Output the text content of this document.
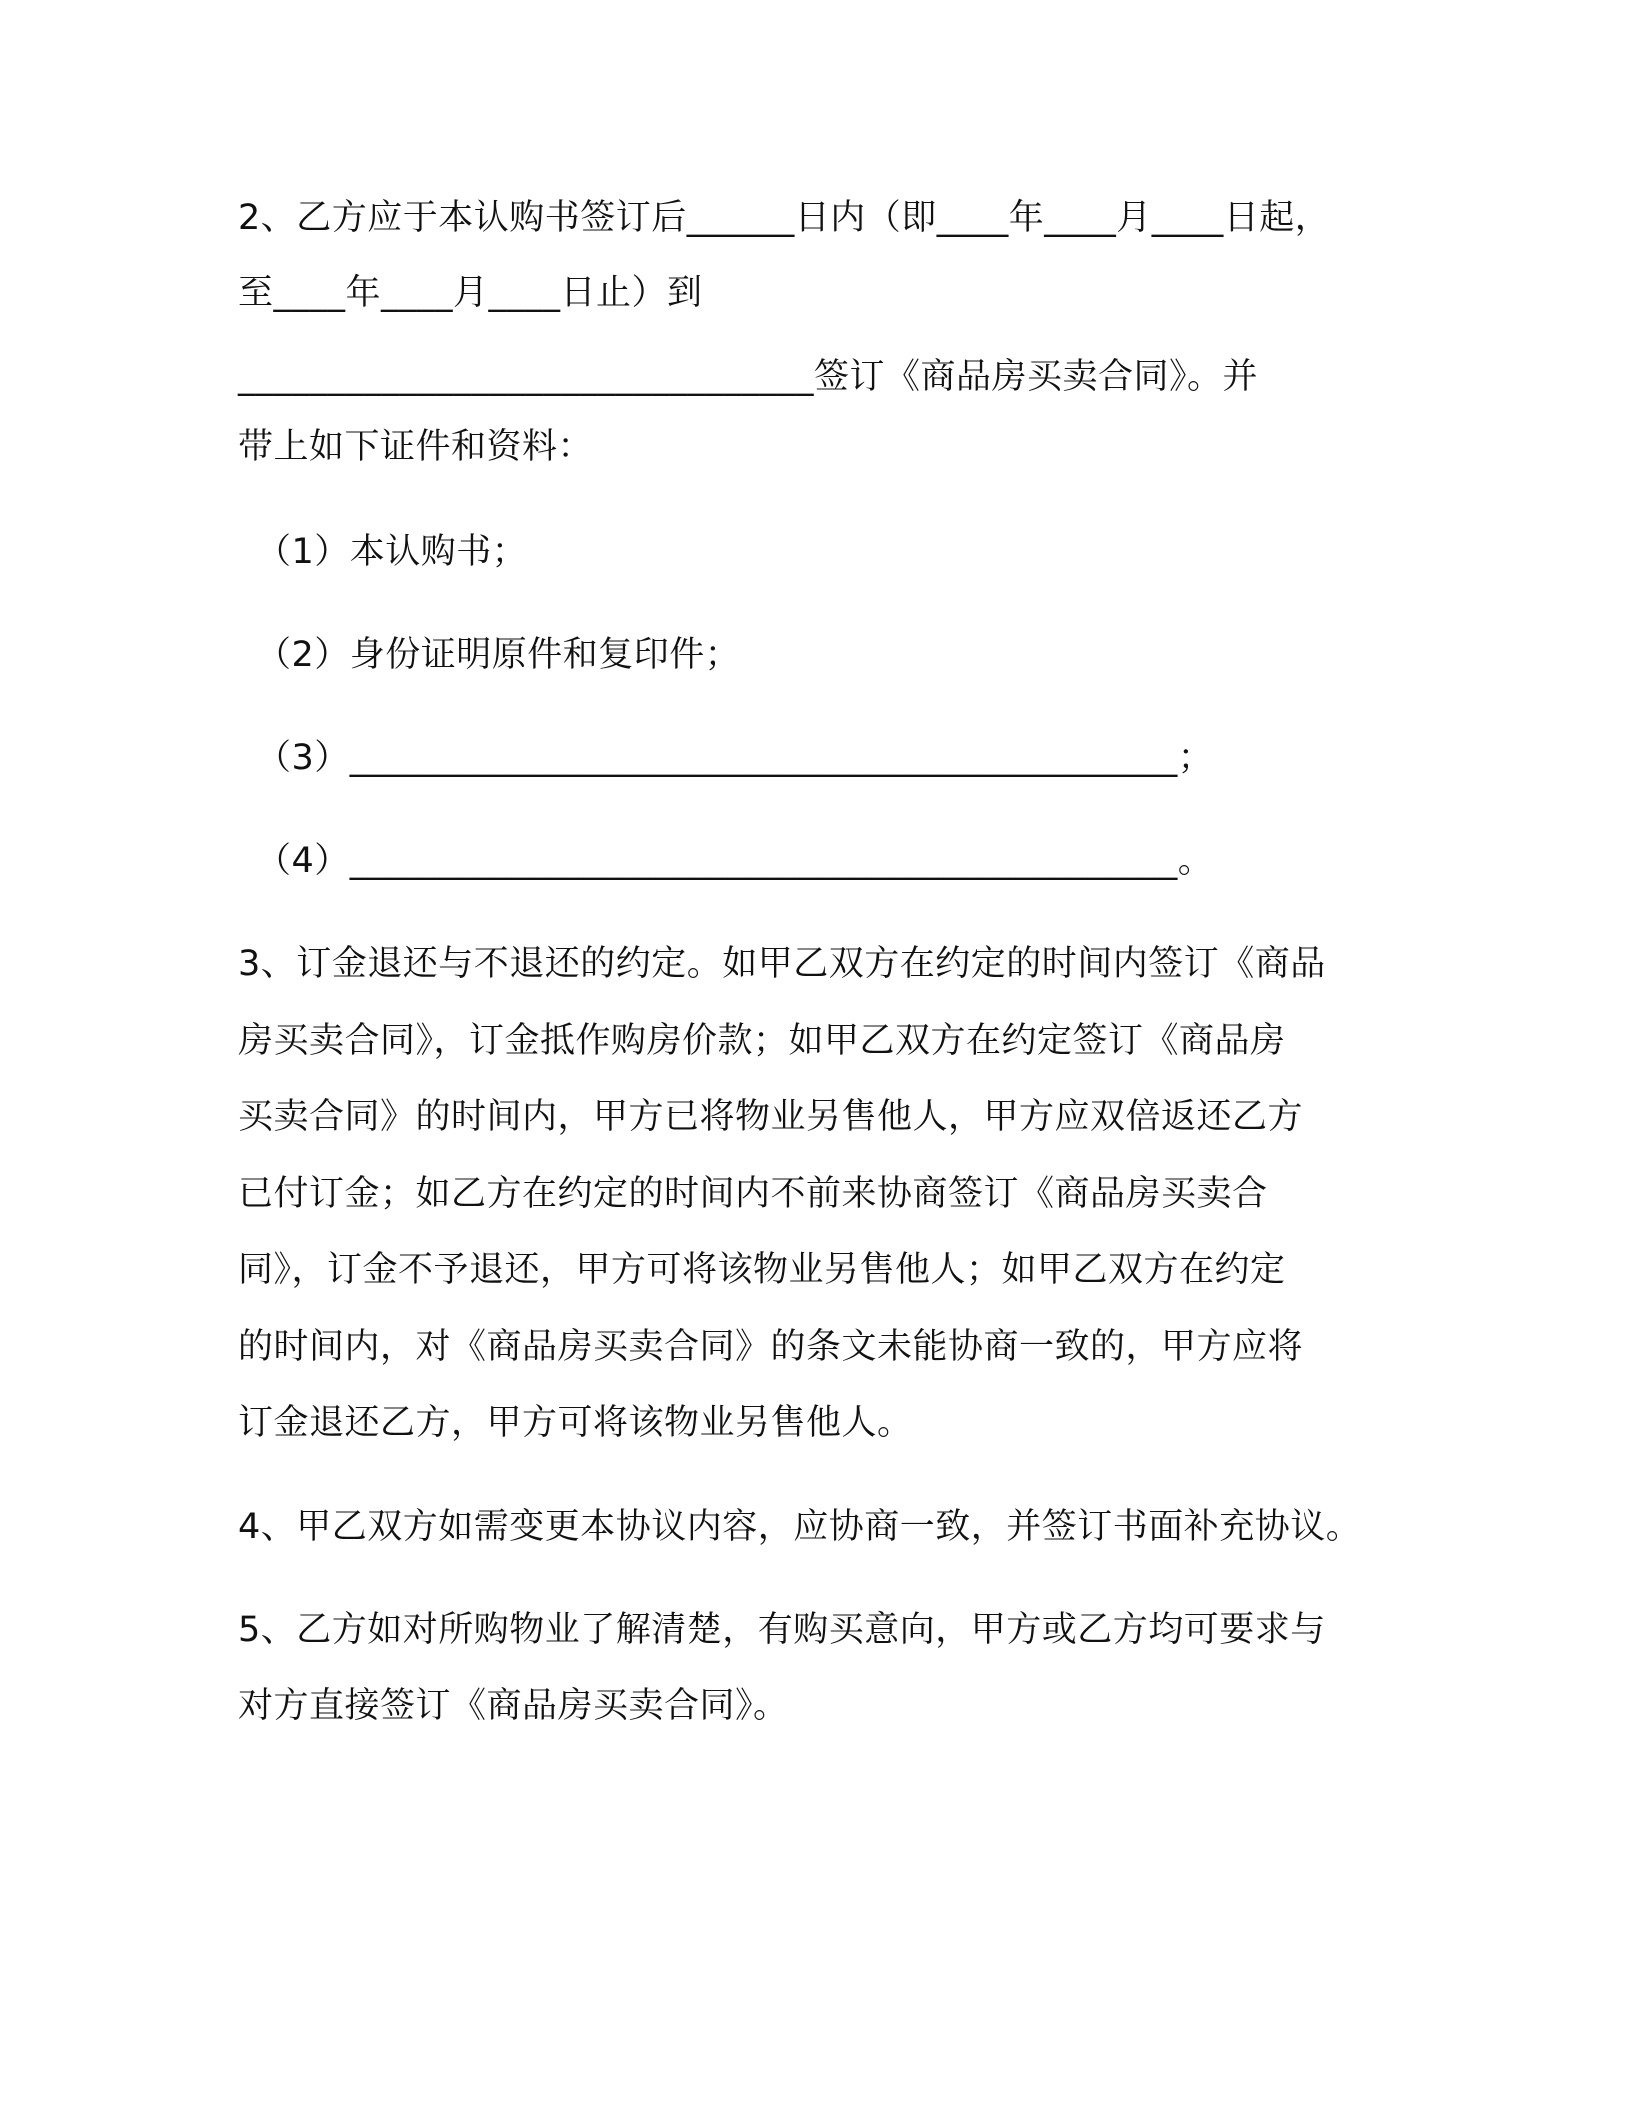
2、乙方应于本认购书签订后______日内（即____年____月____日起，
至____年____月____日止）到
________________________________签订《商品房买卖合同》。并
带上如下证件和资料：
（1）本认购书；
（2）身份证明原件和复印件；
（3）______________________________________________；
（4）______________________________________________。
3、订金退还与不退还的约定。如甲乙双方在约定的时间内签订《商品
房买卖合同》，订金抵作购房价款；如甲乙双方在约定签订《商品房
买卖合同》的时间内，甲方已将物业另售他人，甲方应双倍返还乙方
已付订金；如乙方在约定的时间内不前来协商签订《商品房买卖合
同》，订金不予退还，甲方可将该物业另售他人；如甲乙双方在约定
的时间内，对《商品房买卖合同》的条文未能协商一致的，甲方应将
订金退还乙方，甲方可将该物业另售他人。
4、甲乙双方如需变更本协议内容，应协商一致，并签订书面补充协议。
5、乙方如对所购物业了解清楚，有购买意向，甲方或乙方均可要求与
对方直接签订《商品房买卖合同》。
